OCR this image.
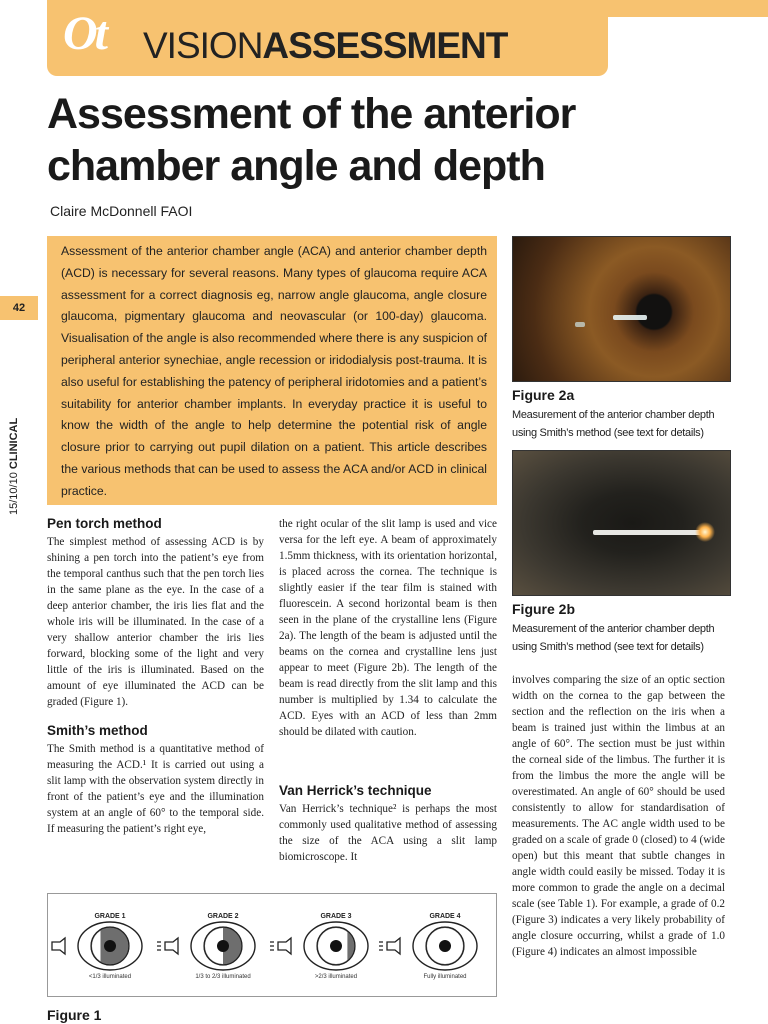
Ot VISIONASSESSMENT
42
15/10/10 CLINICAL
Assessment of the anterior chamber angle and depth
Claire McDonnell FAOI
Assessment of the anterior chamber angle (ACA) and anterior chamber depth (ACD) is necessary for several reasons. Many types of glaucoma require ACA assessment for a correct diagnosis eg, narrow angle glaucoma, angle closure glaucoma, pigmentary glaucoma and neovascular (or 100-day) glaucoma. Visualisation of the angle is also recommended where there is any suspicion of peripheral anterior synechiae, angle recession or iridodialysis post-trauma. It is also useful for establishing the patency of peripheral iridotomies and a patient’s suitability for anterior chamber implants. In everyday practice it is useful to know the width of the angle to help determine the potential risk of angle closure prior to carrying out pupil dilation on a patient. This article describes the various methods that can be used to assess the ACA and/or ACD in clinical practice.
Pen torch method

The simplest method of assessing ACD is by shining a pen torch into the patient’s eye from the temporal canthus such that the pen torch lies in the same plane as the eye. In the case of a deep anterior chamber, the iris lies flat and the whole iris will be illuminated. In the case of a very shallow anterior chamber the iris lies forward, blocking some of the light and very little of the iris is illuminated. Based on the amount of eye illuminated the ACD can be graded (Figure 1).

Smith’s method

The Smith method is a quantitative method of measuring the ACD.¹ It is carried out using a slit lamp with the observation system directly in front of the patient’s eye and the illumination system at an angle of 60° to the temporal side. If measuring the patient’s right eye,

the right ocular of the slit lamp is used and vice versa for the left eye. A beam of approximately 1.5mm thickness, with its orientation horizontal, is placed across the cornea. The technique is slightly easier if the tear film is stained with fluorescein. A second horizontal beam is then seen in the plane of the crystalline lens (Figure 2a). The length of the beam is adjusted until the beams on the cornea and crystalline lens just appear to meet (Figure 2b). The length of the beam is read directly from the slit lamp and this number is multiplied by 1.34 to calculate the ACD. Eyes with an ACD of less than 2mm should be dilated with caution.

Van Herrick’s technique

Van Herrick’s technique² is perhaps the most commonly used qualitative method of assessing the size of the ACA using a slit lamp biomicroscope. It

involves comparing the size of an optic section width on the cornea to the gap between the section and the reflection on the iris when a beam is trained just within the limbus at an angle of 60°. The section must be just within the corneal side of the limbus. The further it is from the limbus the more the angle will be overestimated. An angle of 60° should be used consistently to allow for standardisation of measurements. The AC angle width used to be graded on a scale of grade 0 (closed) to 4 (wide open) but this meant that subtle changes in angle width could easily be missed. Today it is more common to grade the angle on a decimal scale (see Table 1). For example, a grade of 0.2 (Figure 3) indicates a very likely probability of angle closure occurring, whilst a grade of 1.0 (Figure 4) indicates an almost impossible

Figure 2a
Measurement of the anterior chamber depth using Smith’s method (see text for details)
Figure 2b
Measurement of the anterior chamber depth using Smith’s method (see text for details)
GRADE 1
<1/3 illuminated
GRADE 2
1/3 to 2/3 illuminated
GRADE 3
>2/3 illuminated
GRADE 4
Fully illuminated
Figure 1
